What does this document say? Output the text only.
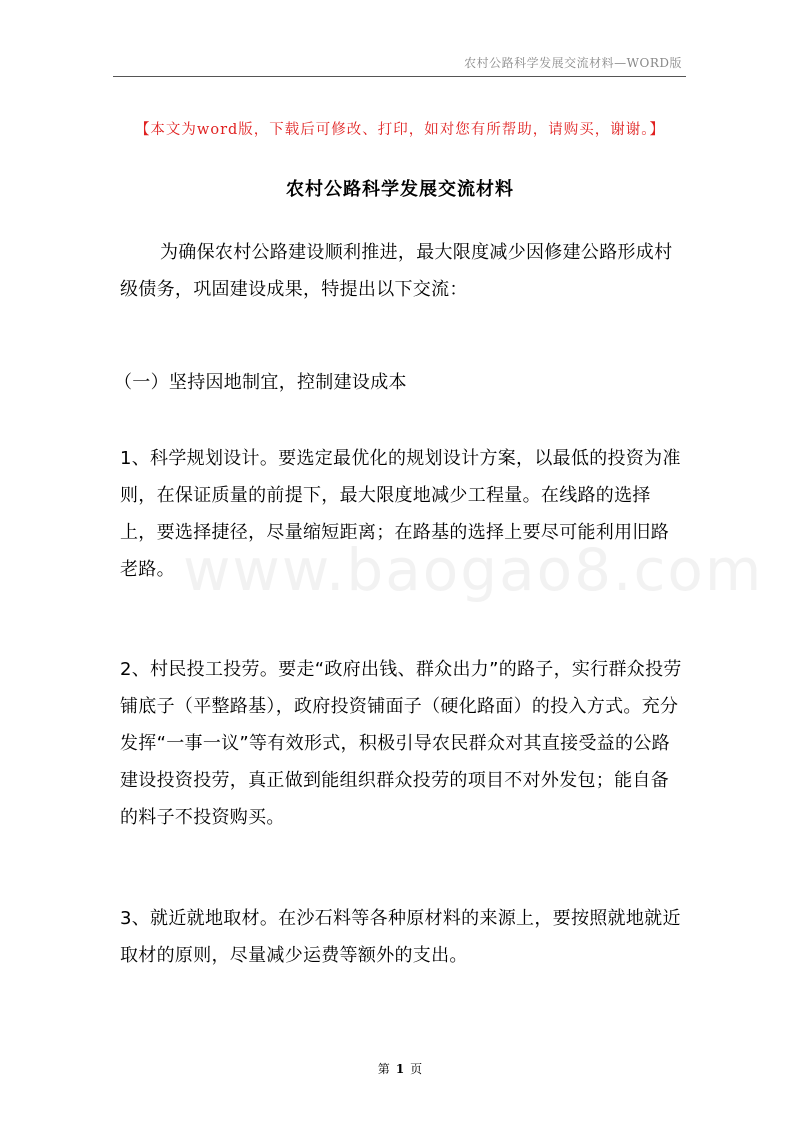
农村公路科学发展交流材料—WORD版
【本文为word版，下载后可修改、打印，如对您有所帮助，请购买，谢谢。】
农村公路科学发展交流材料

为确保农村公路建设顺利推进，最大限度减少因修建公路形成村级债务，巩固建设成果，特提出以下交流：

（一）坚持因地制宜，控制建设成本

1、科学规划设计。要选定最优化的规划设计方案，以最低的投资为准则，在保证质量的前提下，最大限度地减少工程量。在线路的选择上，要选择捷径，尽量缩短距离；在路基的选择上要尽可能利用旧路老路。

2、村民投工投劳。要走“政府出钱、群众出力”的路子，实行群众投劳铺底子（平整路基），政府投资铺面子（硬化路面）的投入方式。充分发挥“一事一议”等有效形式，积极引导农民群众对其直接受益的公路建设投资投劳，真正做到能组织群众投劳的项目不对外发包；能自备的料子不投资购买。

3、就近就地取材。在沙石料等各种原材料的来源上，要按照就地就近取材的原则，尽量减少运费等额外的支出。

www.baogao8.com
第 1 页
